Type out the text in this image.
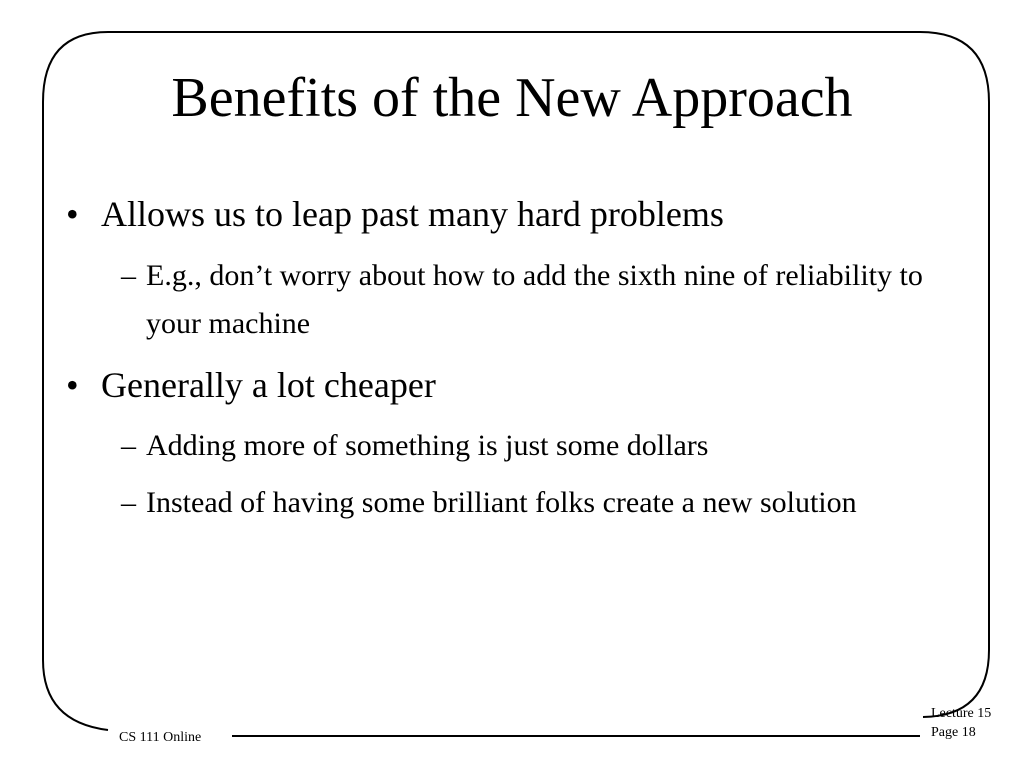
Benefits of the New Approach
• Allows us to leap past many hard problems
– E.g., don’t worry about how to add the sixth nine of reliability to your machine
• Generally a lot cheaper
– Adding more of something is just some dollars
– Instead of having some brilliant folks create a new solution
CS 111 Online
Lecture 15
Page 18
